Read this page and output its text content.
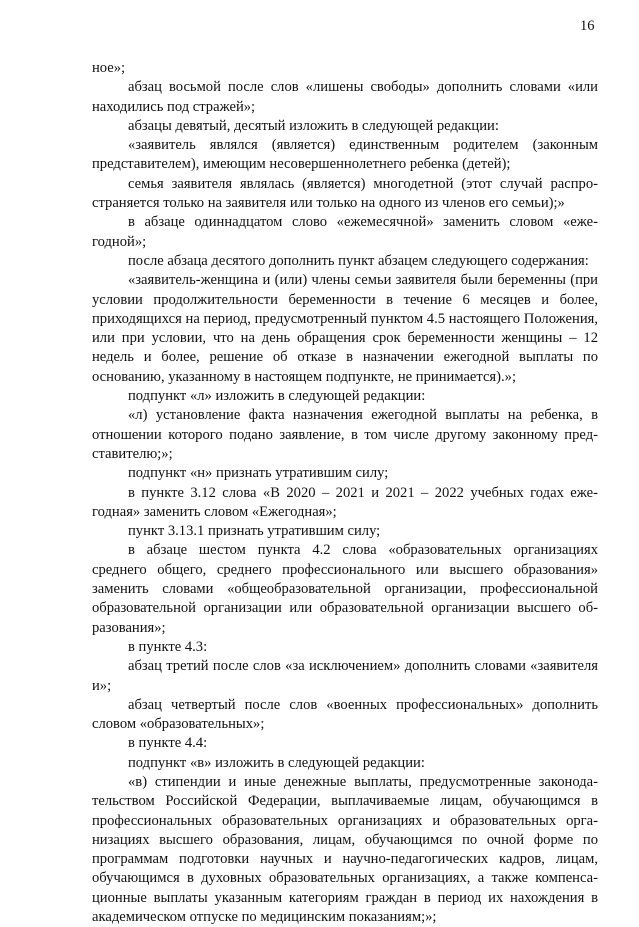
16

ное»;

абзац восьмой после слов «лишены свободы» дополнить словами «или находились под стражей»;

абзацы девятый, десятый изложить в следующей редакции:

«заявитель являлся (является) единственным родителем (законным представителем), имеющим несовершеннолетнего ребенка (детей);

семья заявителя являлась (является) многодетной (этот случай распространяется только на заявителя или только на одного из членов его семьи);»

в абзаце одиннадцатом слово «ежемесячной» заменить словом «ежегодной»;

после абзаца десятого дополнить пункт абзацем следующего содержания:

«заявитель-женщина и (или) члены семьи заявителя были беременны (при условии продолжительности беременности в течение 6 месяцев и более, приходящихся на период, предусмотренный пунктом 4.5 настоящего Положения, или при условии, что на день обращения срок беременности женщины – 12 недель и более, решение об отказе в назначении ежегодной выплаты по основанию, указанному в настоящем подпункте, не принимается).»;

подпункт «л» изложить в следующей редакции:

«л) установление факта назначения ежегодной выплаты на ребенка, в отношении которого подано заявление, в том числе другому законному представителю;»;

подпункт «н» признать утратившим силу;

в пункте 3.12 слова «В 2020 – 2021 и 2021 – 2022 учебных годах ежегодная» заменить словом «Ежегодная»;

пункт 3.13.1 признать утратившим силу;

в абзаце шестом пункта 4.2 слова «образовательных организациях среднего общего, среднего профессионального или высшего образования» заменить словами «общеобразовательной организации, профессиональной образовательной организации или образовательной организации высшего образования»;

в пункте 4.3:

абзац третий после слов «за исключением» дополнить словами «заявителя и»;

абзац четвертый после слов «военных профессиональных» дополнить словом «образовательных»;

в пункте 4.4:

подпункт «в» изложить в следующей редакции:

«в) стипендии и иные денежные выплаты, предусмотренные законодательством Российской Федерации, выплачиваемые лицам, обучающимся в профессиональных образовательных организациях и образовательных организациях высшего образования, лицам, обучающимся по очной форме по программам подготовки научных и научно-педагогических кадров, лицам, обучающимся в духовных образовательных организациях, а также компенсационные выплаты указанным категориям граждан в период их нахождения в академическом отпуске по медицинским показаниям;»;
